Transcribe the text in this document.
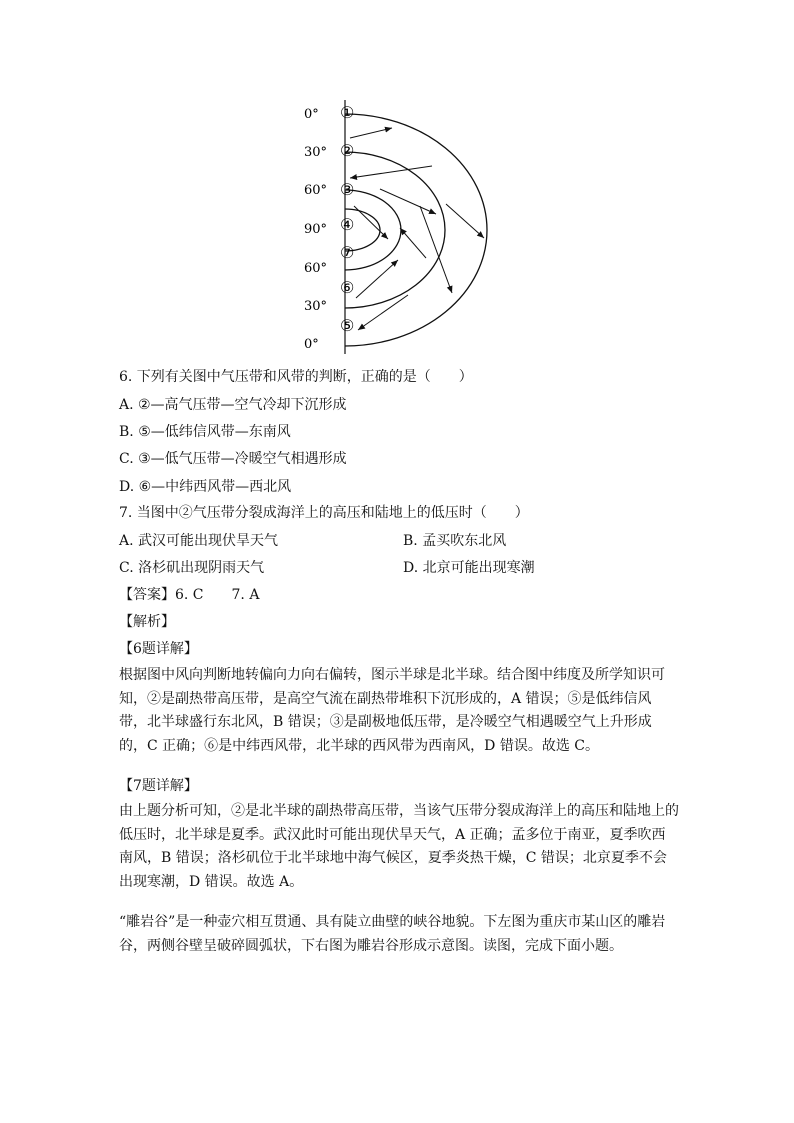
0°
30°
60°
90°
60°
30°
0°
①
②
③
④
⑦
⑥
⑤
6. 下列有关图中气压带和风带的判断，正确的是（　　）
A. ②—高气压带—空气冷却下沉形成
B. ⑤—低纬信风带—东南风
C. ③—低气压带—冷暖空气相遇形成
D. ⑥—中纬西风带—西北风
7. 当图中②气压带分裂成海洋上的高压和陆地上的低压时（　　）
A. 武汉可能出现伏旱天气	B. 孟买吹东北风
C. 洛杉矶出现阴雨天气	D. 北京可能出现寒潮
【答案】6. C　　7. A
【解析】
【6题详解】
根据图中风向判断地转偏向力向右偏转，图示半球是北半球。结合图中纬度及所学知识可知，②是副热带高压带，是高空气流在副热带堆积下沉形成的，A 错误；⑤是低纬信风带，北半球盛行东北风，B 错误；③是副极地低压带，是冷暖空气相遇暖空气上升形成的，C 正确；⑥是中纬西风带，北半球的西风带为西南风，D 错误。故选 C。
【7题详解】
由上题分析可知，②是北半球的副热带高压带，当该气压带分裂成海洋上的高压和陆地上的低压时，北半球是夏季。武汉此时可能出现伏旱天气，A 正确；孟多位于南亚，夏季吹西南风，B 错误；洛杉矶位于北半球地中海气候区，夏季炎热干燥，C 错误；北京夏季不会出现寒潮，D 错误。故选 A。
“雕岩谷”是一种壶穴相互贯通、具有陡立曲壁的峡谷地貌。下左图为重庆市某山区的雕岩谷，两侧谷壁呈破碎圆弧状，下右图为雕岩谷形成示意图。读图，完成下面小题。
